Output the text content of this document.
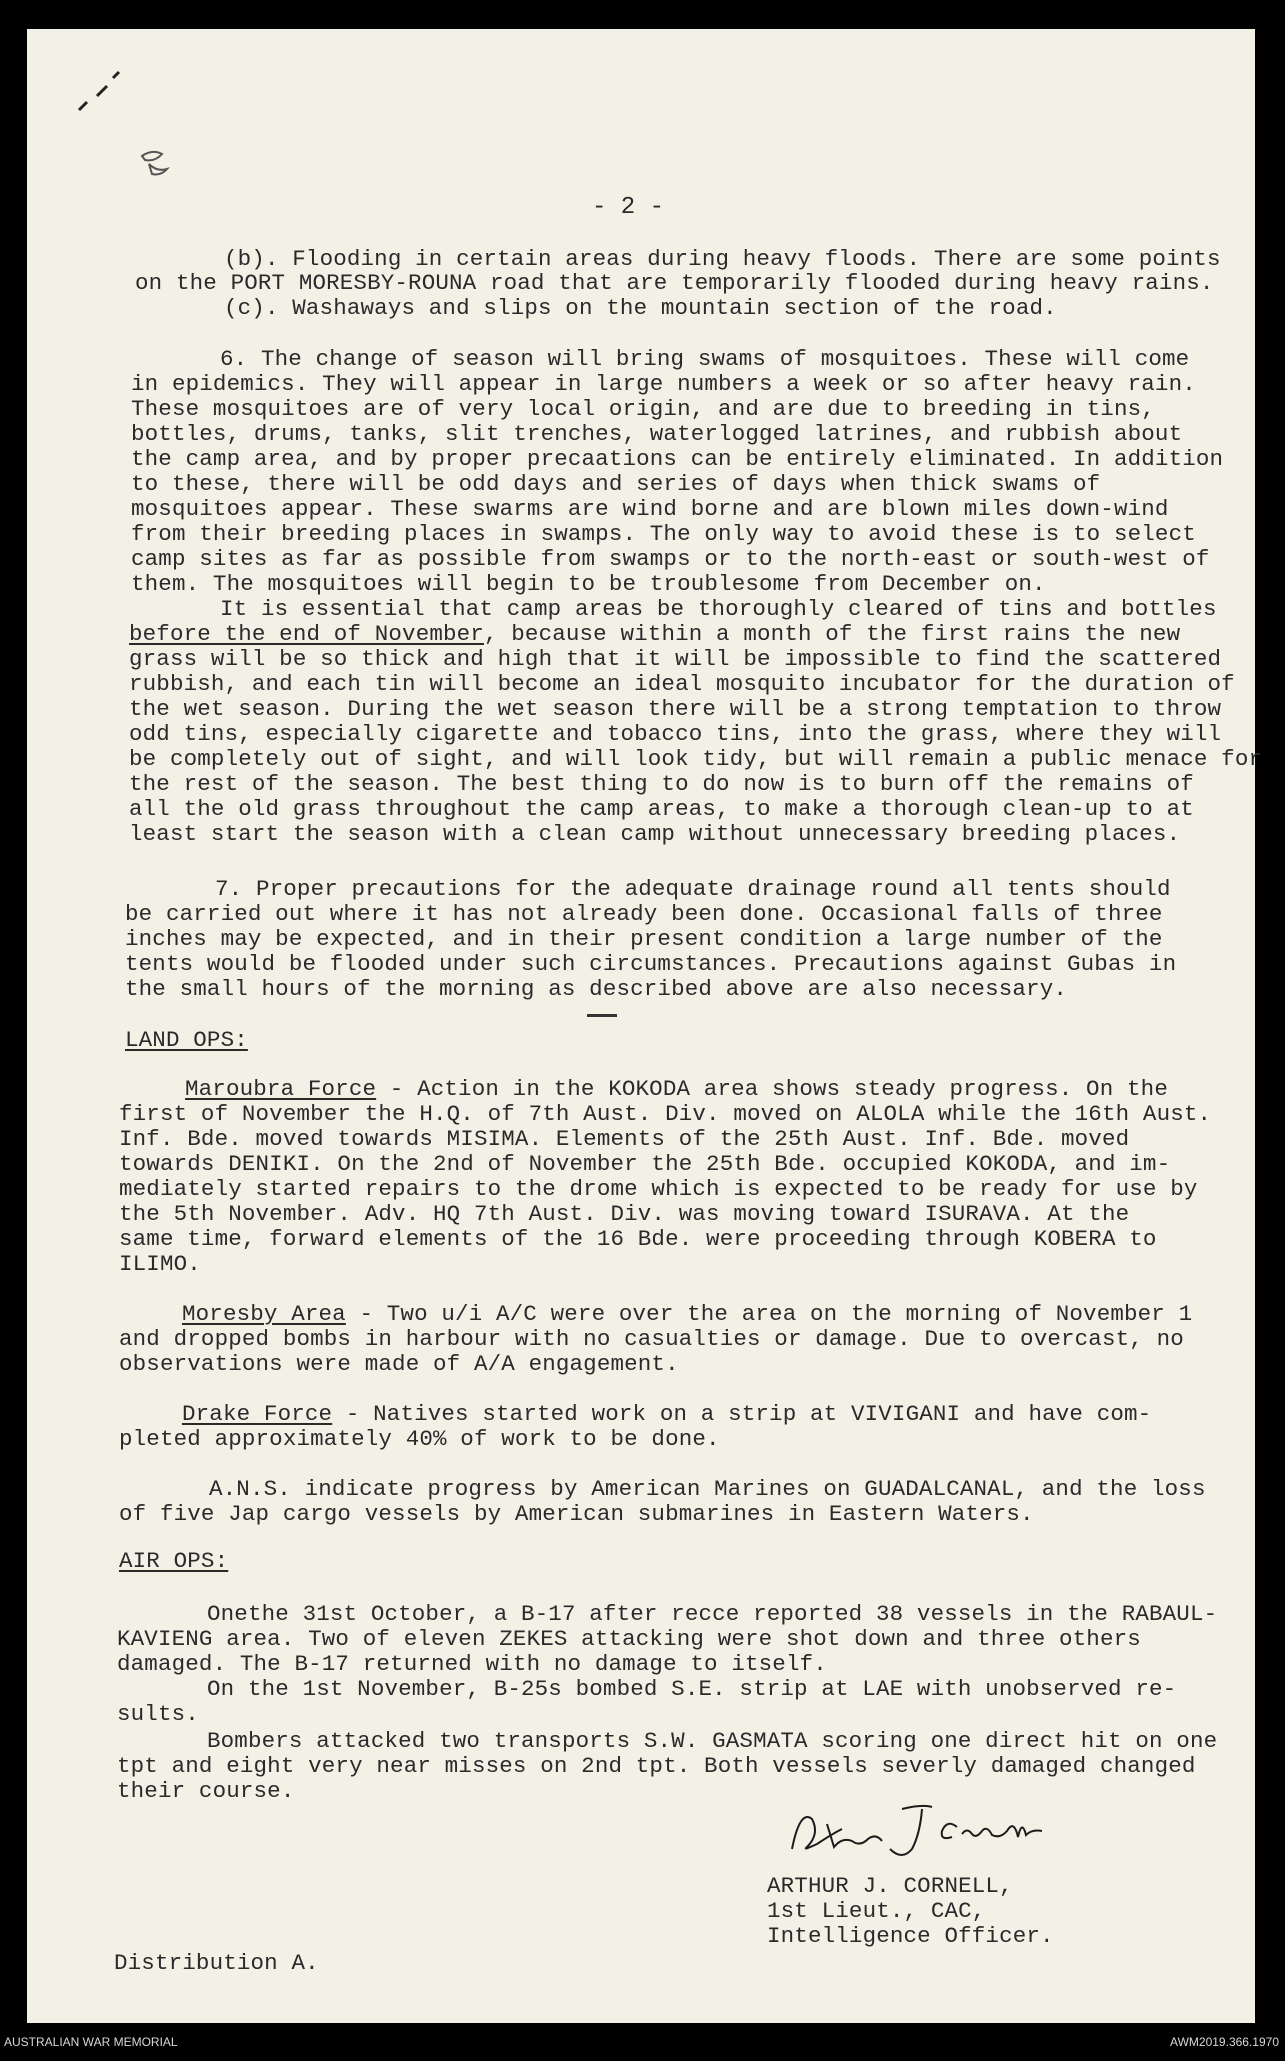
- 2 -
(b). Flooding in certain areas during heavy floods. There are some points
on the PORT MORESBY-ROUNA road that are temporarily flooded during heavy rains.
(c). Washaways and slips on the mountain section of the road.
6. The change of season will bring swams of mosquitoes. These will come
in epidemics. They will appear in large numbers a week or so after heavy rain.
These mosquitoes are of very local origin, and are due to breeding in tins,
bottles, drums, tanks, slit trenches, waterlogged latrines, and rubbish about
the camp area, and by proper precaations can be entirely eliminated. In addition
to these, there will be odd days and series of days when thick swams of
mosquitoes appear. These swarms are wind borne and are blown miles down-wind
from their breeding places in swamps. The only way to avoid these is to select
camp sites as far as possible from swamps or to the north-east or south-west of
them. The mosquitoes will begin to be troublesome from December on.
It is essential that camp areas be thoroughly cleared of tins and bottles
before the end of November, because within a month of the first rains the new
grass will be so thick and high that it will be impossible to find the scattered
rubbish, and each tin will become an ideal mosquito incubator for the duration of
the wet season. During the wet season there will be a strong temptation to throw
odd tins, especially cigarette and tobacco tins, into the grass, where they will
be completely out of sight, and will look tidy, but will remain a public menace for
the rest of the season. The best thing to do now is to burn off the remains of
all the old grass throughout the camp areas, to make a thorough clean-up to at
least start the season with a clean camp without unnecessary breeding places.
7. Proper precautions for the adequate drainage round all tents should
be carried out where it has not already been done. Occasional falls of three
inches may be expected, and in their present condition a large number of the
tents would be flooded under such circumstances. Precautions against Gubas in
the small hours of the morning as described above are also necessary.
LAND OPS:
Maroubra Force - Action in the KOKODA area shows steady progress. On the
first of November the H.Q. of 7th Aust. Div. moved on ALOLA while the 16th Aust.
Inf. Bde. moved towards MISIMA. Elements of the 25th Aust. Inf. Bde. moved
towards DENIKI. On the 2nd of November the 25th Bde. occupied KOKODA, and im-
mediately started repairs to the drome which is expected to be ready for use by
the 5th November. Adv. HQ 7th Aust. Div. was moving toward ISURAVA. At the
same time, forward elements of the 16 Bde. were proceeding through KOBERA to
ILIMO.
Moresby Area - Two u/i A/C were over the area on the morning of November 1
and dropped bombs in harbour with no casualties or damage. Due to overcast, no
observations were made of A/A engagement.
Drake Force - Natives started work on a strip at VIVIGANI and have com-
pleted approximately 40% of work to be done.
A.N.S. indicate progress by American Marines on GUADALCANAL, and the loss
of five Jap cargo vessels by American submarines in Eastern Waters.
AIR OPS:
Onethe 31st October, a B-17 after recce reported 38 vessels in the RABAUL-
KAVIENG area. Two of eleven ZEKES attacking were shot down and three others
damaged. The B-17 returned with no damage to itself.
On the 1st November, B-25s bombed S.E. strip at LAE with unobserved re-
sults.
Bombers attacked two transports S.W. GASMATA scoring one direct hit on one
tpt and eight very near misses on 2nd tpt. Both vessels severly damaged changed
their course.
ARTHUR J. CORNELL,
1st Lieut., CAC,
Intelligence Officer.
Distribution A.
AUSTRALIAN WAR MEMORIAL	AWM2019.366.1970
